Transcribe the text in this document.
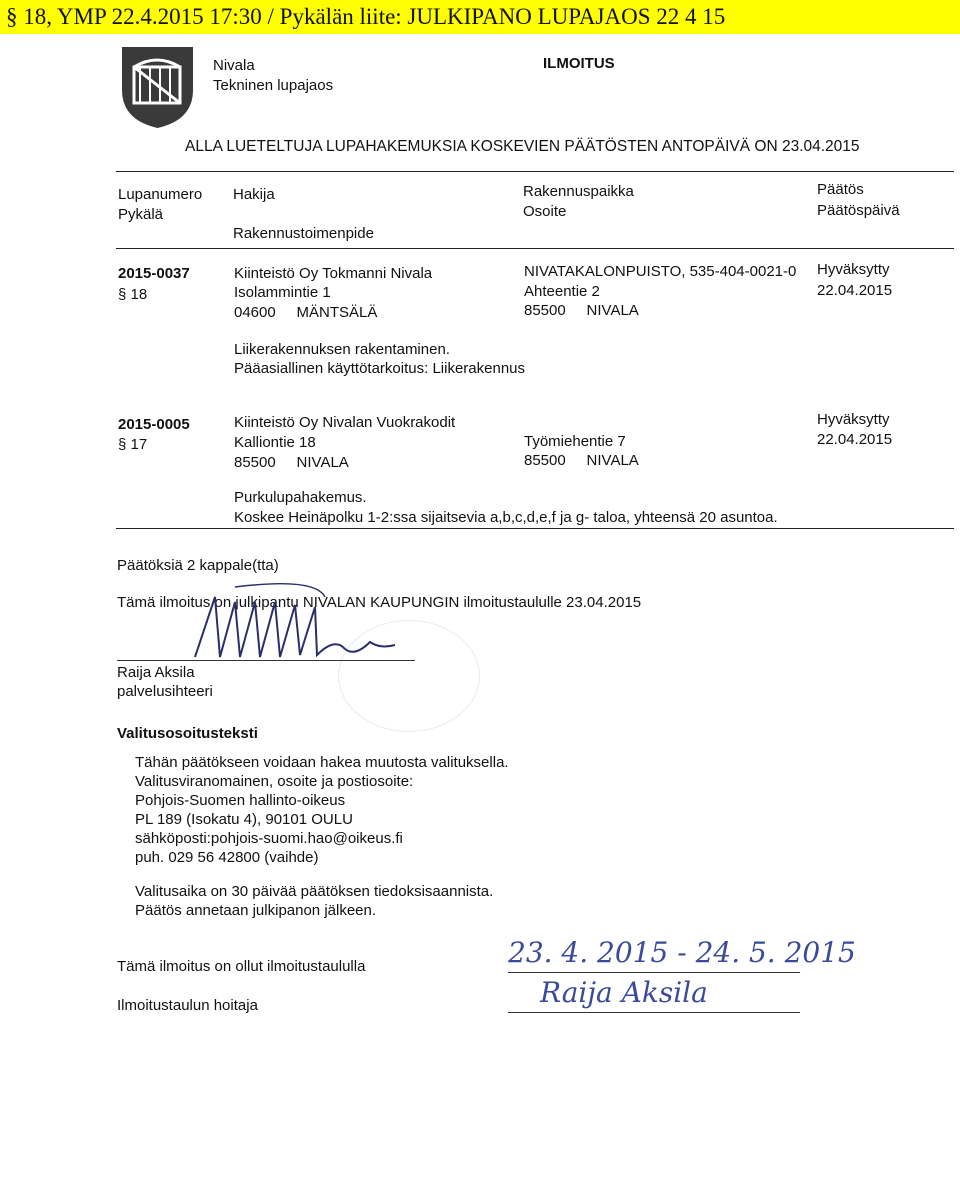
§ 18, YMP 22.4.2015 17:30 / Pykälän liite: JULKIPANO LUPAJAOS 22 4 15
Nivala
Tekninen lupajaos
ILMOITUS
ALLA LUETELTUJA LUPAHAKEMUKSIA KOSKEVIEN PÄÄTÖSTEN ANTOPÄIVÄ ON 23.04.2015
Lupanumero
Pykälä
Hakija
Rakennustoimenpide
Rakennuspaikka
Osoite
Päätös
Päätöspäivä
2015-0037
§ 18
Kiinteistö Oy Tokmanni Nivala
Isolammintie 1
04600     MÄNTSÄLÄ
NIVATAKALONPUISTO, 535-404-0021-0
Ahteentie 2
85500     NIVALA
Hyväksytty
22.04.2015
Liikerakennuksen rakentaminen.
Pääasiallinen käyttötarkoitus: Liikerakennus
2015-0005
§ 17
Kiinteistö Oy Nivalan Vuokrakodit
Kalliontie 18
85500     NIVALA
Työmiehentie 7
85500     NIVALA
Hyväksytty
22.04.2015
Purkulupahakemus.
Koskee Heinäpolku 1-2:ssa sijaitsevia a,b,c,d,e,f ja g- taloa, yhteensä 20 asuntoa.
Päätöksiä 2 kappale(tta)
Tämä ilmoitus on julkipantu NIVALAN KAUPUNGIN ilmoitustaululle 23.04.2015
Raija Aksila
palvelusihteeri
Valitusosoitusteksti
Tähän päätökseen voidaan hakea muutosta valituksella.
Valitusviranomainen, osoite ja postiosoite:
Pohjois-Suomen hallinto-oikeus
PL 189 (Isokatu 4), 90101 OULU
sähköposti:pohjois-suomi.hao@oikeus.fi
puh. 029 56 42800 (vaihde)
Valitusaika on 30 päivää päätöksen tiedoksisaannista.
Päätös annetaan julkipanon jälkeen.
Tämä ilmoitus on ollut ilmoitustaululla	23. 4. 2015 - 24. 5. 2015
Ilmoitustaulun hoitaja	Raija Aksila
